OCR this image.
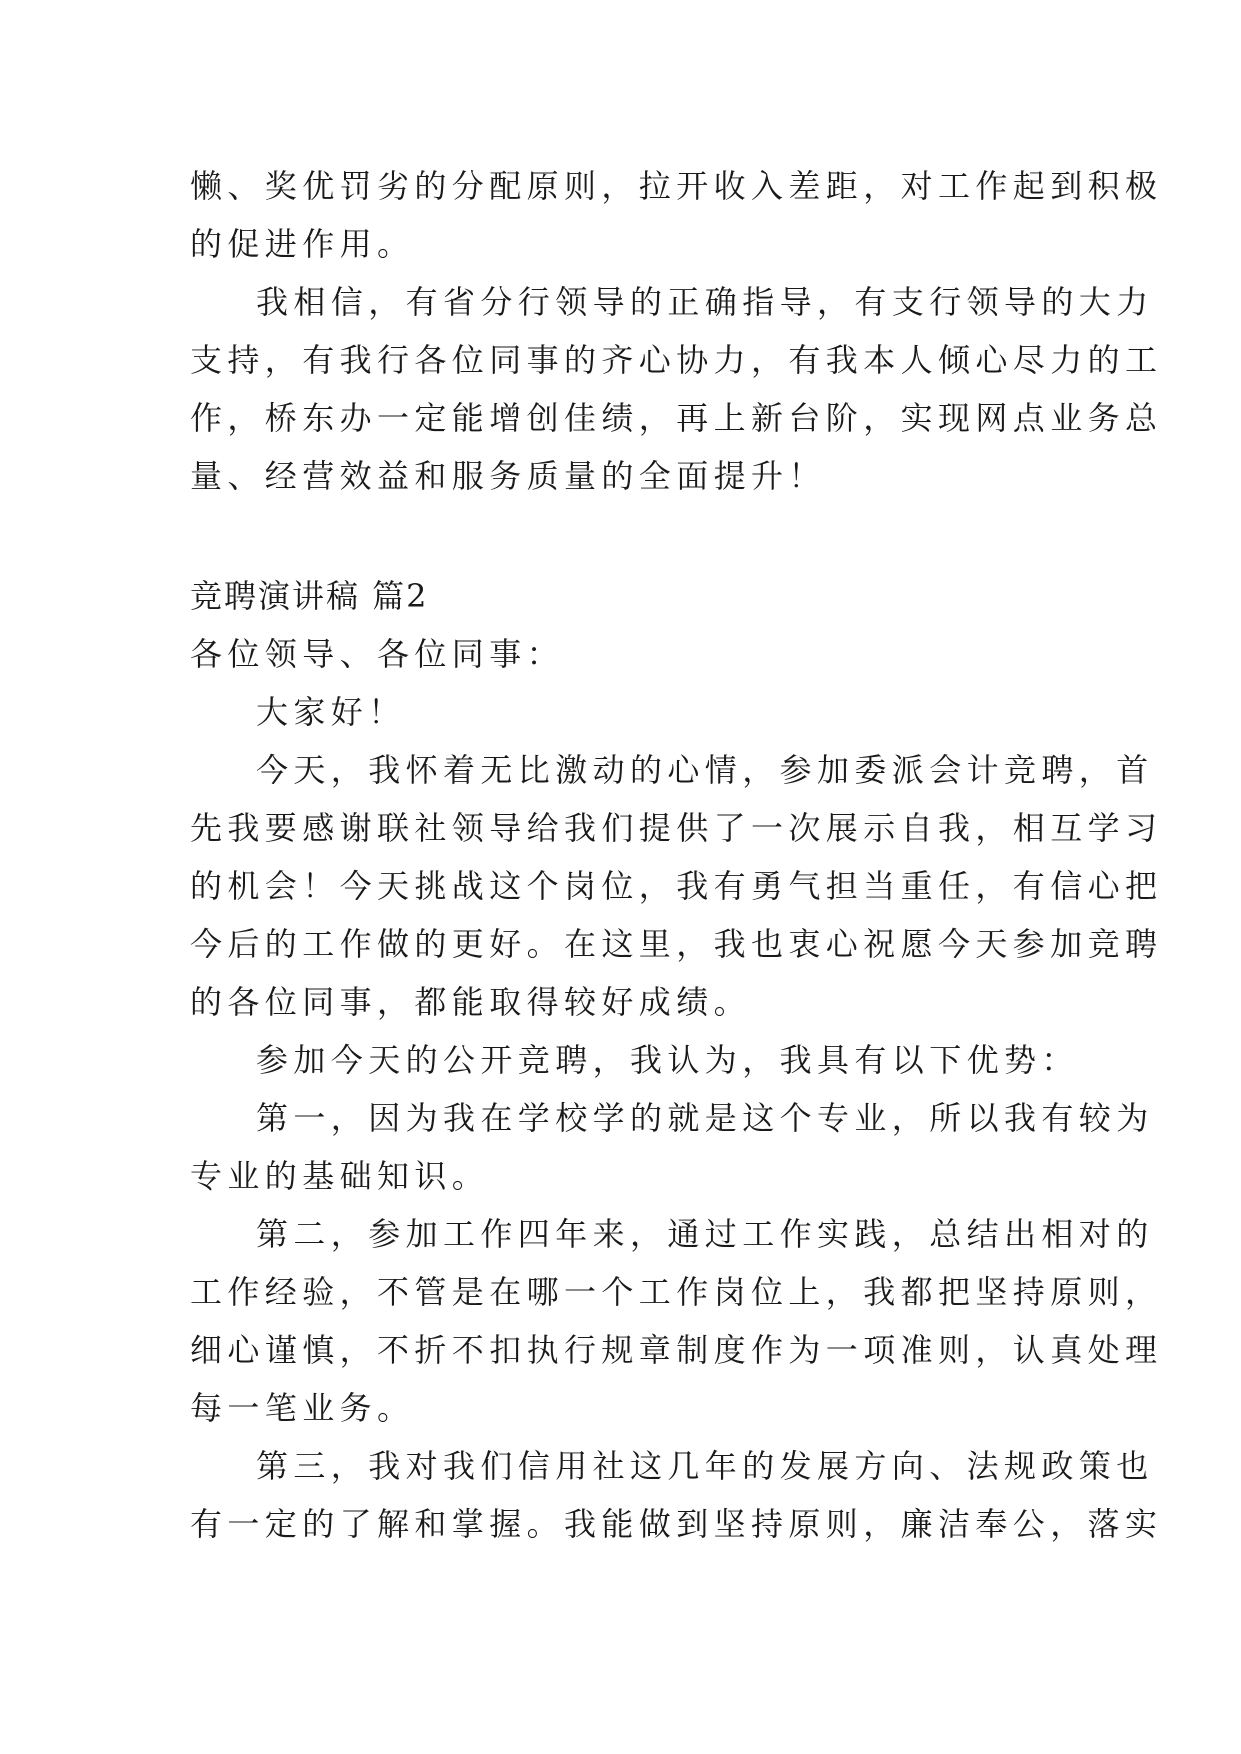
懒、奖优罚劣的分配原则，拉开收入差距，对工作起到积极
的促进作用。
我相信，有省分行领导的正确指导，有支行领导的大力
支持，有我行各位同事的齐心协力，有我本人倾心尽力的工
作，桥东办一定能增创佳绩，再上新台阶，实现网点业务总
量、经营效益和服务质量的全面提升！
竞聘演讲稿 篇2
各位领导、各位同事：
大家好！
今天，我怀着无比激动的心情，参加委派会计竞聘，首
先我要感谢联社领导给我们提供了一次展示自我，相互学习
的机会！今天挑战这个岗位，我有勇气担当重任，有信心把
今后的工作做的更好。在这里，我也衷心祝愿今天参加竞聘
的各位同事，都能取得较好成绩。
参加今天的公开竞聘，我认为，我具有以下优势：
第一，因为我在学校学的就是这个专业，所以我有较为
专业的基础知识。
第二，参加工作四年来，通过工作实践，总结出相对的
工作经验，不管是在哪一个工作岗位上，我都把坚持原则，
细心谨慎，不折不扣执行规章制度作为一项准则，认真处理
每一笔业务。
第三，我对我们信用社这几年的发展方向、法规政策也
有一定的了解和掌握。我能做到坚持原则，廉洁奉公，落实
